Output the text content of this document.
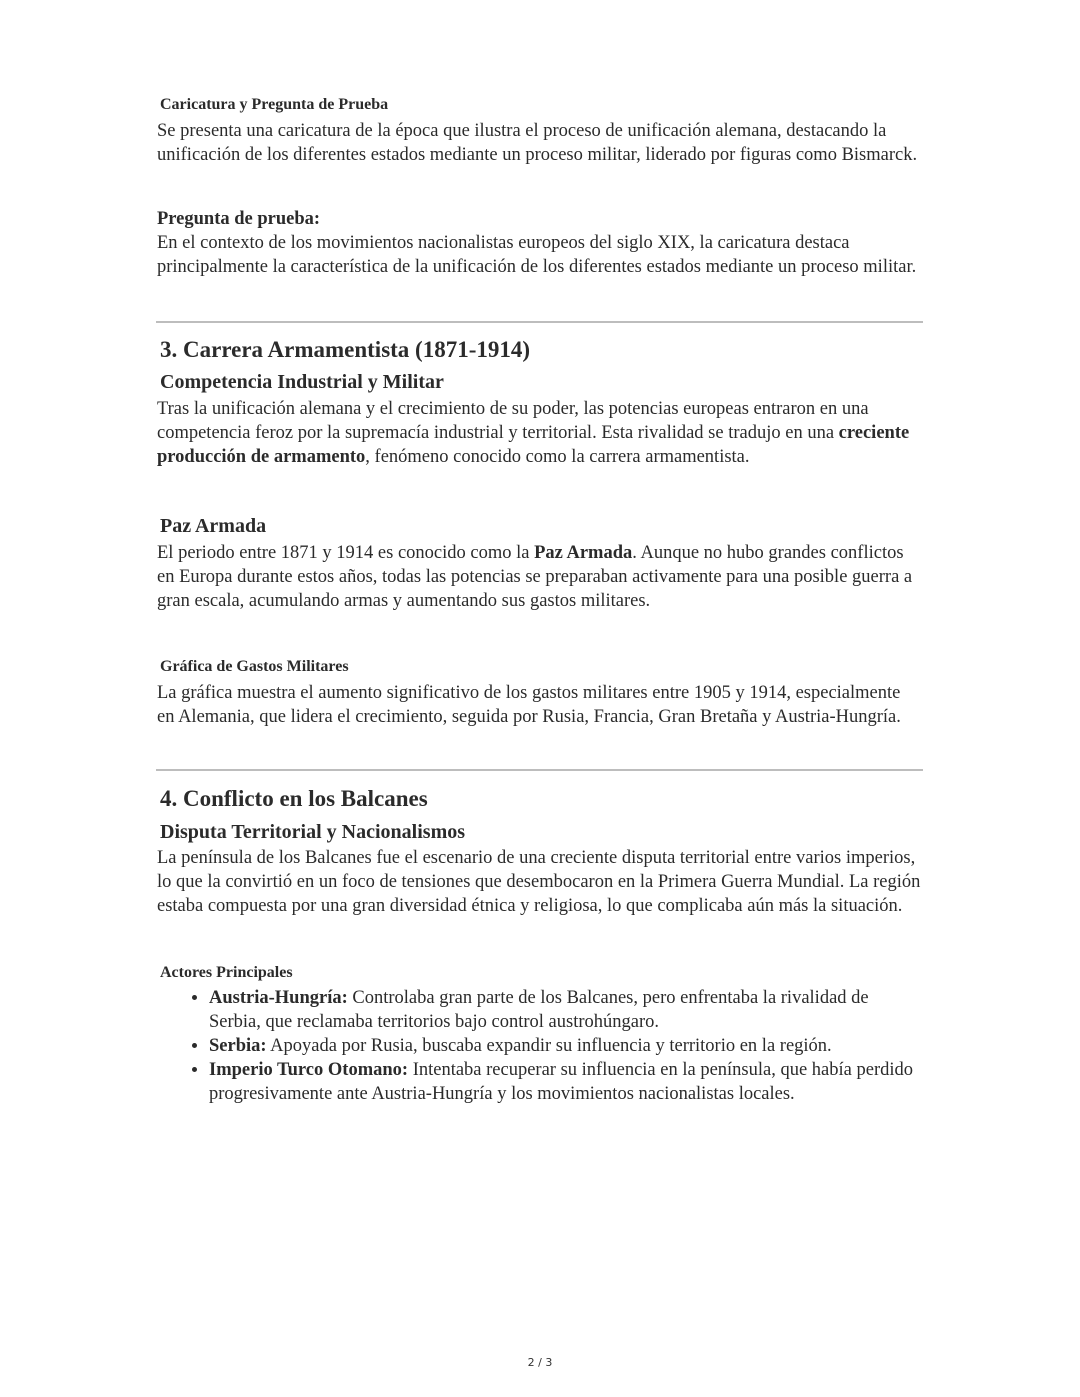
Caricatura y Pregunta de Prueba
Se presenta una caricatura de la época que ilustra el proceso de unificación alemana, destacando la unificación de los diferentes estados mediante un proceso militar, liderado por figuras como Bismarck.
Pregunta de prueba:
En el contexto de los movimientos nacionalistas europeos del siglo XIX, la caricatura destaca principalmente la característica de la unificación de los diferentes estados mediante un proceso militar.
3. Carrera Armamentista (1871-1914)
Competencia Industrial y Militar
Tras la unificación alemana y el crecimiento de su poder, las potencias europeas entraron en una competencia feroz por la supremacía industrial y territorial. Esta rivalidad se tradujo en una creciente producción de armamento, fenómeno conocido como la carrera armamentista.
Paz Armada
El periodo entre 1871 y 1914 es conocido como la Paz Armada. Aunque no hubo grandes conflictos en Europa durante estos años, todas las potencias se preparaban activamente para una posible guerra a gran escala, acumulando armas y aumentando sus gastos militares.
Gráfica de Gastos Militares
La gráfica muestra el aumento significativo de los gastos militares entre 1905 y 1914, especialmente en Alemania, que lidera el crecimiento, seguida por Rusia, Francia, Gran Bretaña y Austria-Hungría.
4. Conflicto en los Balcanes
Disputa Territorial y Nacionalismos
La península de los Balcanes fue el escenario de una creciente disputa territorial entre varios imperios, lo que la convirtió en un foco de tensiones que desembocaron en la Primera Guerra Mundial. La región estaba compuesta por una gran diversidad étnica y religiosa, lo que complicaba aún más la situación.
Actores Principales
• Austria-Hungría: Controlaba gran parte de los Balcanes, pero enfrentaba la rivalidad de Serbia, que reclamaba territorios bajo control austrohúngaro.
• Serbia: Apoyada por Rusia, buscaba expandir su influencia y territorio en la región.
• Imperio Turco Otomano: Intentaba recuperar su influencia en la península, que había perdido progresivamente ante Austria-Hungría y los movimientos nacionalistas locales.
2 / 3
